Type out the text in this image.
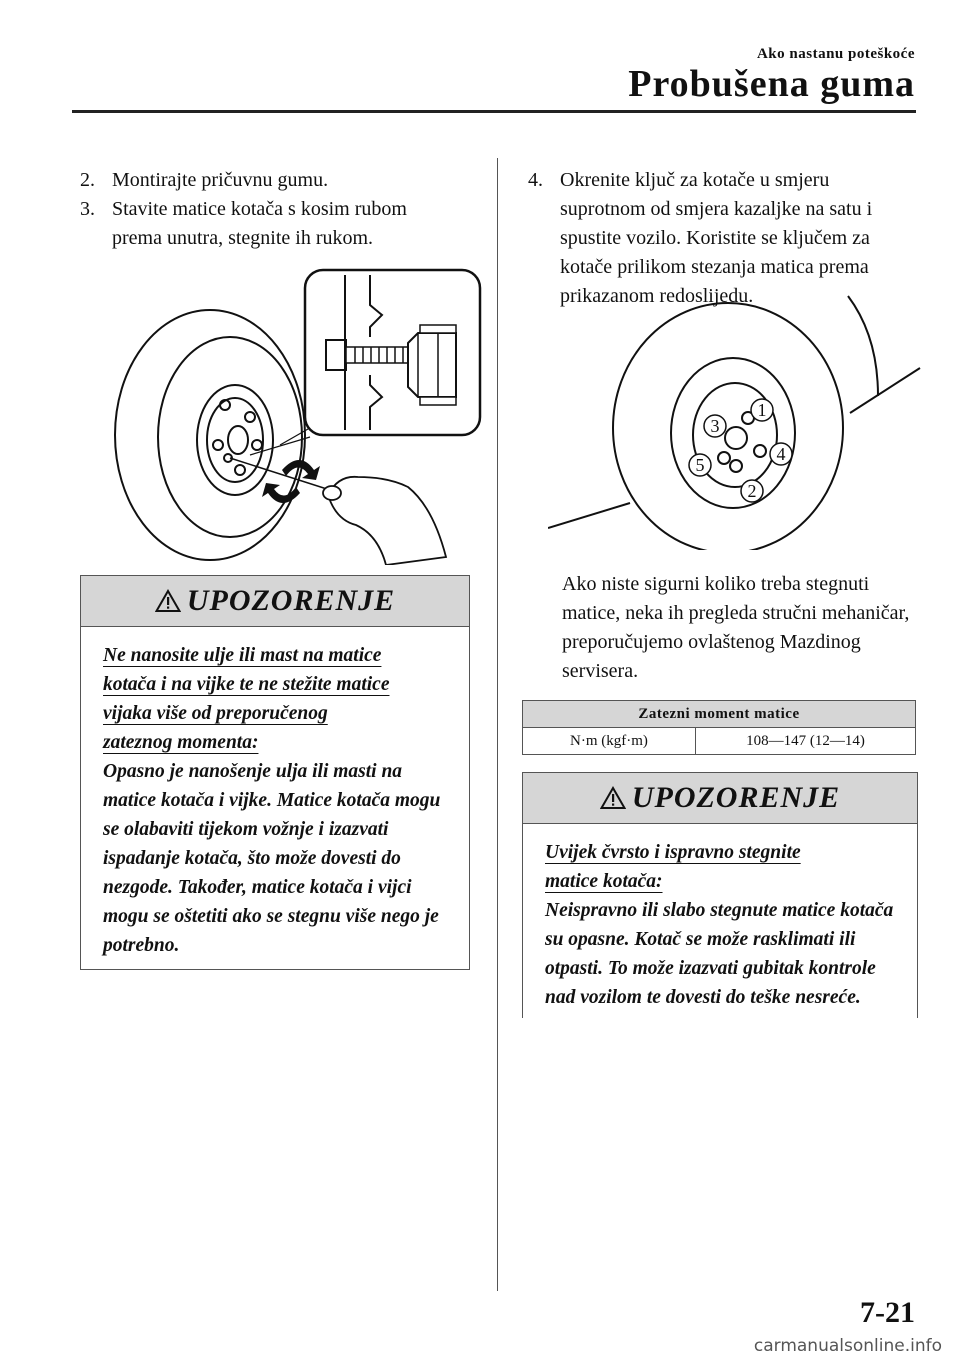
Ako nastanu poteškoće
Probušena guma
2. Montirajte pričuvnu gumu.
3. Stavite matice kotača s kosim rubom prema unutra, stegnite ih rukom.
UPOZORENJE
Ne nanosite ulje ili mast na matice
kotača i na vijke te ne stežite matice
vijaka više od preporučenog
zateznog momenta:
Opasno je nanošenje ulja ili masti na matice kotača i vijke. Matice kotača mogu se olabaviti tijekom vožnje i izazvati ispadanje kotača, što može dovesti do nezgode. Također, matice kotača i vijci mogu se oštetiti ako se stegnu više nego je potrebno.
4. Okrenite ključ za kotače u smjeru suprotnom od smjera kazaljke na satu i spustite vozilo. Koristite se ključem za kotače prilikom stezanja matica prema prikazanom redoslijedu.
1
2
3
4
5
Ako niste sigurni koliko treba stegnuti matice, neka ih pregleda stručni mehaničar, preporučujemo ovlaštenog Mazdinog servisera.
Zatezni moment matice
N·m (kgf·m)	108—147 (12—14)
UPOZORENJE
Uvijek čvrsto i ispravno stegnite
matice kotača:
Neispravno ili slabo stegnute matice kotača su opasne. Kotač se može rasklimati ili otpasti. To može izazvati gubitak kontrole nad vozilom te dovesti do teške nesreće.
7-21
carmanualsonline.info
